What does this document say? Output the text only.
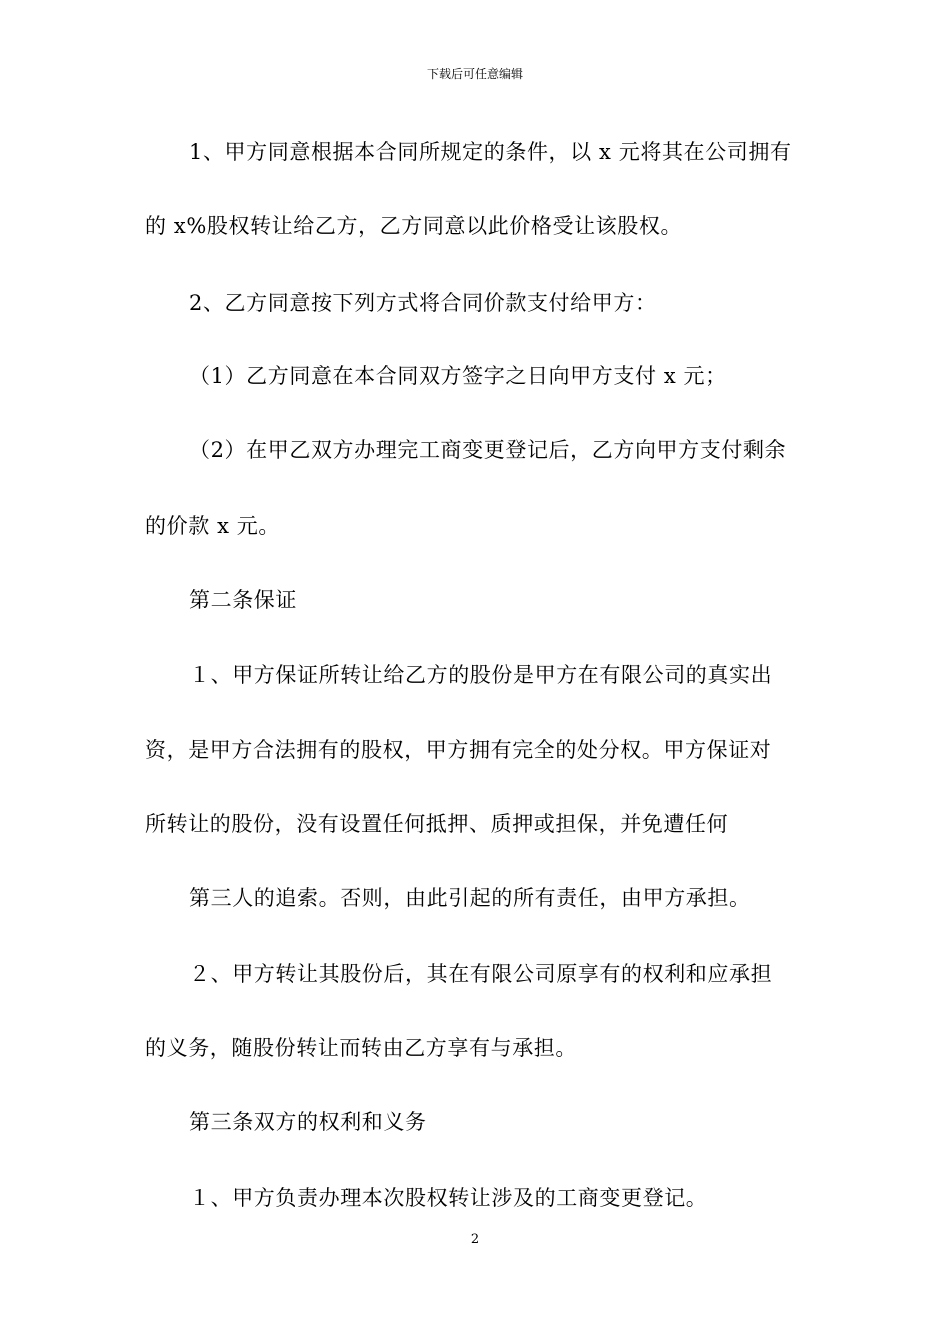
下载后可任意编辑
1、甲方同意根据本合同所规定的条件，以 x 元将其在公司拥有
的 x%股权转让给乙方，乙方同意以此价格受让该股权。
2、乙方同意按下列方式将合同价款支付给甲方：
（1）乙方同意在本合同双方签字之日向甲方支付 x 元；
（2）在甲乙双方办理完工商变更登记后，乙方向甲方支付剩余
的价款 x 元。
第二条保证
１、甲方保证所转让给乙方的股份是甲方在有限公司的真实出
资，是甲方合法拥有的股权，甲方拥有完全的处分权。甲方保证对
所转让的股份，没有设置任何抵押、质押或担保，并免遭任何
第三人的追索。否则，由此引起的所有责任，由甲方承担。
２、甲方转让其股份后，其在有限公司原享有的权利和应承担
的义务，随股份转让而转由乙方享有与承担。
第三条双方的权利和义务
１、甲方负责办理本次股权转让涉及的工商变更登记。
2
